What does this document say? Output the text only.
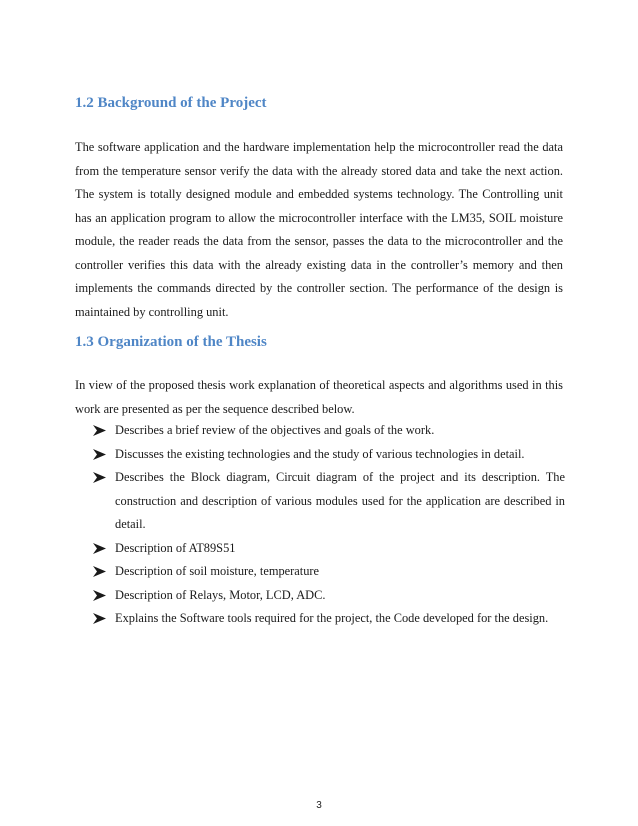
1.2 Background of the Project

The software application and the hardware implementation help the microcontroller read the data from the temperature sensor verify the data with the already stored data and take the next action. The system is totally designed module and embedded systems technology. The Controlling unit has an application program to allow the microcontroller interface with the LM35, SOIL moisture module, the reader reads the data from the sensor, passes the data to the microcontroller and the controller verifies this data with the already existing data in the controller’s memory and then implements the commands directed by the controller section. The performance of the design is maintained by controlling unit.

1.3 Organization of the Thesis

In view of the proposed thesis work explanation of theoretical aspects and algorithms used in this work are presented as per the sequence described below.

Describes a brief review of the objectives and goals of the work.
Discusses the existing technologies and the study of various technologies in detail.
Describes the Block diagram, Circuit diagram of the project and its description. The construction and description of various modules used for the application are described in detail.
Description of AT89S51
Description of soil moisture, temperature
Description of Relays, Motor, LCD, ADC.
Explains the Software tools required for the project, the Code developed for the design.
3
